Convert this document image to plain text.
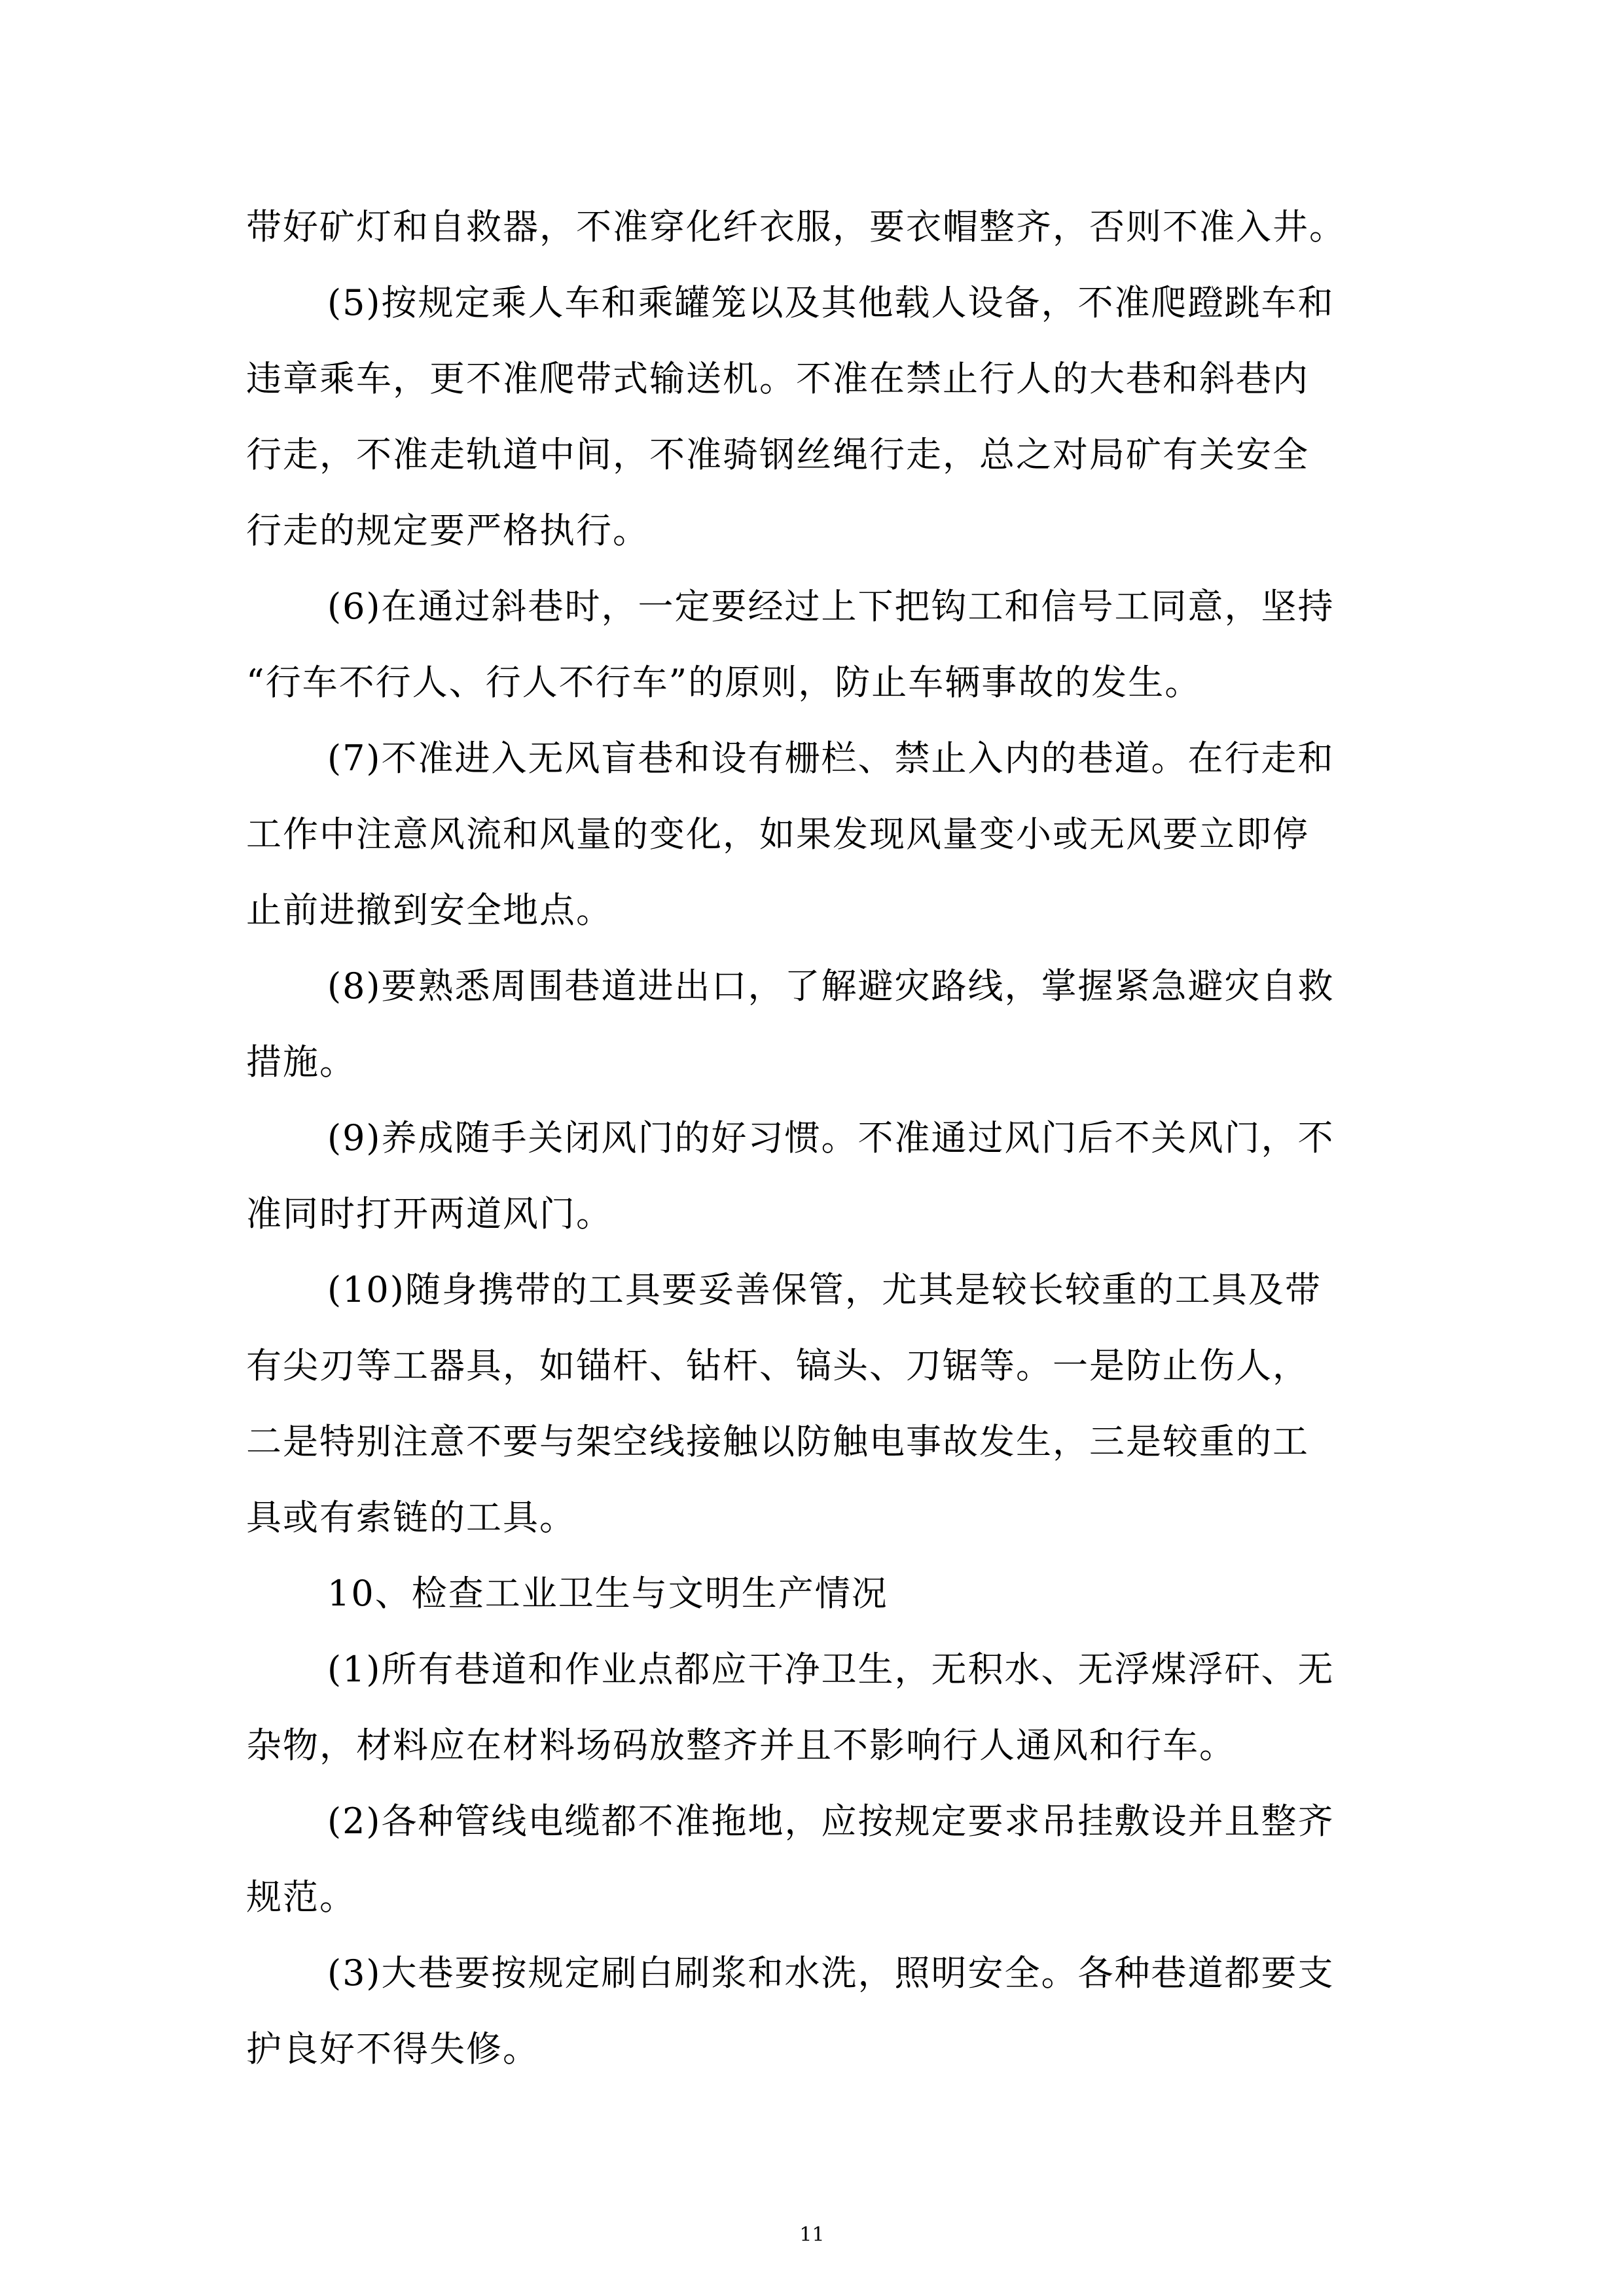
带好矿灯和自救器，不准穿化纤衣服，要衣帽整齐，否则不准入井。
(5)按规定乘人车和乘罐笼以及其他载人设备，不准爬蹬跳车和
违章乘车，更不准爬带式输送机。不准在禁止行人的大巷和斜巷内
行走，不准走轨道中间，不准骑钢丝绳行走，总之对局矿有关安全
行走的规定要严格执行。
(6)在通过斜巷时，一定要经过上下把钩工和信号工同意，坚持
“行车不行人、行人不行车”的原则，防止车辆事故的发生。
(7)不准进入无风盲巷和设有栅栏、禁止入内的巷道。在行走和
工作中注意风流和风量的变化，如果发现风量变小或无风要立即停
止前进撤到安全地点。
(8)要熟悉周围巷道进出口，了解避灾路线，掌握紧急避灾自救
措施。
(9)养成随手关闭风门的好习惯。不准通过风门后不关风门，不
准同时打开两道风门。
(10)随身携带的工具要妥善保管，尤其是较长较重的工具及带
有尖刃等工器具，如锚杆、钻杆、镐头、刀锯等。一是防止伤人，
二是特别注意不要与架空线接触以防触电事故发生，三是较重的工
具或有索链的工具。
10、检查工业卫生与文明生产情况
(1)所有巷道和作业点都应干净卫生，无积水、无浮煤浮矸、无
杂物，材料应在材料场码放整齐并且不影响行人通风和行车。
(2)各种管线电缆都不准拖地，应按规定要求吊挂敷设并且整齐
规范。
(3)大巷要按规定刷白刷浆和水洗，照明安全。各种巷道都要支
护良好不得失修。
11
